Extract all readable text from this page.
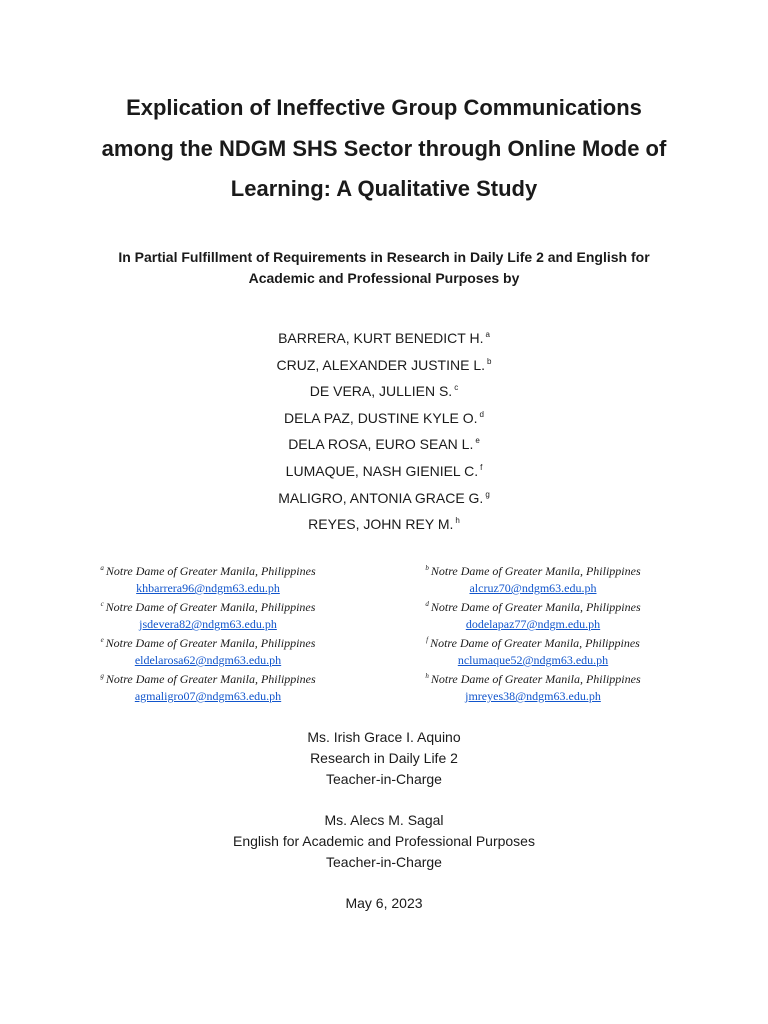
Explication of Ineffective Group Communications
among the NDGM SHS Sector through Online Mode of
Learning: A Qualitative Study
In Partial Fulfillment of Requirements in Research in Daily Life 2 and English for
Academic and Professional Purposes by
BARRERA, KURT BENEDICT H. $^a$
CRUZ, ALEXANDER JUSTINE L. $^b$
DE VERA, JULLIEN S. $^c$
DELA PAZ, DUSTINE KYLE O. $^d$
DELA ROSA, EURO SEAN L. $^e$
LUMAQUE, NASH GIENIEL C. $^f$
MALIGRO, ANTONIA GRACE G. $^g$
REYES, JOHN REY M. $^h$
$^a$ Notre Dame of Greater Manila, Philippines
khbarrera96@ndgm63.edu.ph
$^b$ Notre Dame of Greater Manila, Philippines
alcruz70@ndgm63.edu.ph
$^c$ Notre Dame of Greater Manila, Philippines
jsdevera82@ndgm63.edu.ph
$^d$ Notre Dame of Greater Manila, Philippines
dodelapaz77@ndgm.edu.ph
$^e$ Notre Dame of Greater Manila, Philippines
eldelarosa62@ndgm63.edu.ph
$^f$ Notre Dame of Greater Manila, Philippines
nclumaque52@ndgm63.edu.ph
$^g$ Notre Dame of Greater Manila, Philippines
agmaligro07@ndgm63.edu.ph
$^h$ Notre Dame of Greater Manila, Philippines
jmreyes38@ndgm63.edu.ph
Ms. Irish Grace I. Aquino
Research in Daily Life 2
Teacher-in-Charge
Ms. Alecs M. Sagal
English for Academic and Professional Purposes
Teacher-in-Charge
May 6, 2023
